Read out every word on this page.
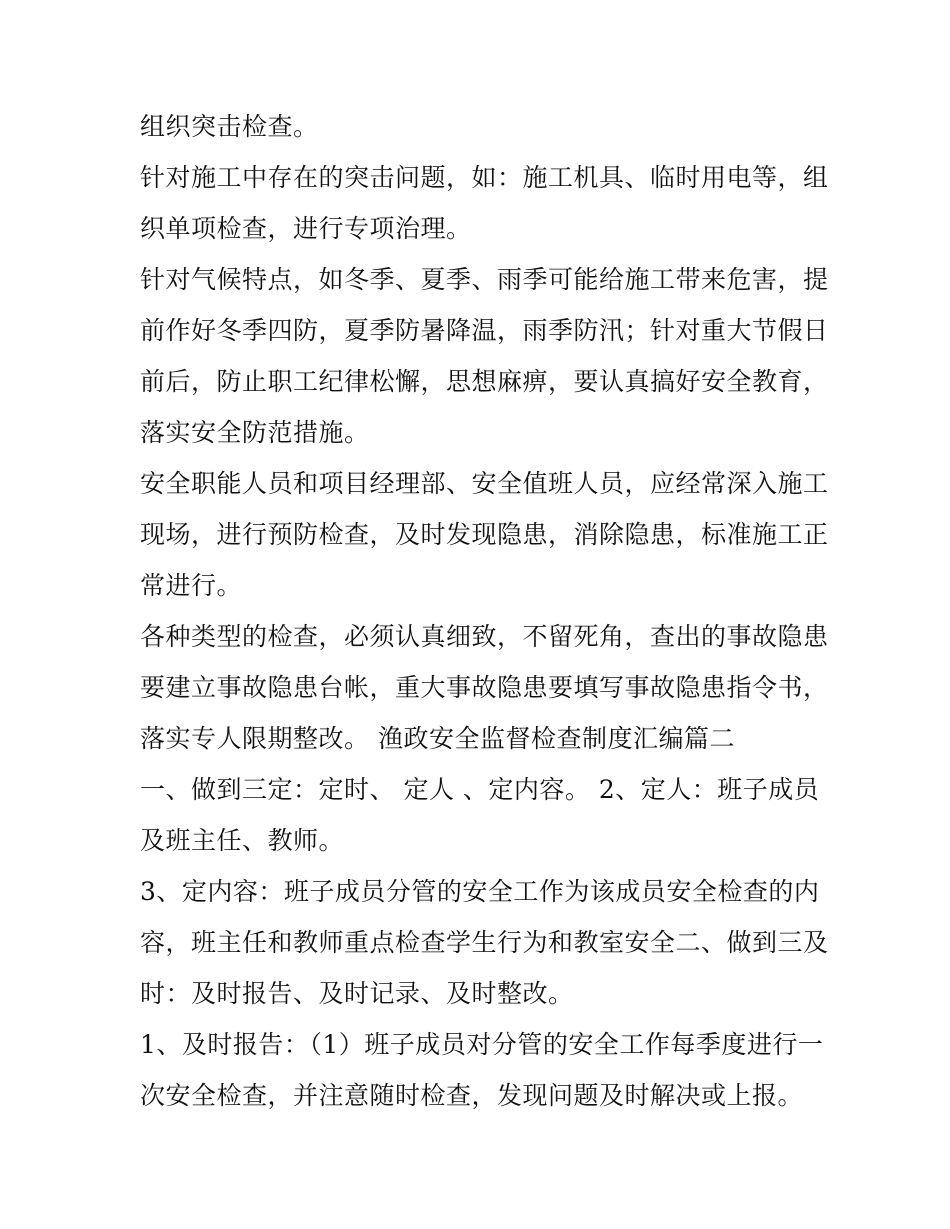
组织突击检查。
针对施工中存在的突击问题，如：施工机具、临时用电等，组
织单项检查，进行专项治理。
针对气候特点，如冬季、夏季、雨季可能给施工带来危害，提
前作好冬季四防，夏季防暑降温，雨季防汛；针对重大节假日
前后，防止职工纪律松懈，思想麻痹，要认真搞好安全教育，
落实安全防范措施。
安全职能人员和项目经理部、安全值班人员，应经常深入施工
现场，进行预防检查，及时发现隐患，消除隐患，标准施工正
常进行。
各种类型的检查，必须认真细致，不留死角，查出的事故隐患
要建立事故隐患台帐，重大事故隐患要填写事故隐患指令书，
落实专人限期整改。 渔政安全监督检查制度汇编篇二
一、做到三定：定时、 定人 、定内容。 2、定人：班子成员
及班主任、教师。
3、定内容：班子成员分管的安全工作为该成员安全检查的内
容，班主任和教师重点检查学生行为和教室安全二、做到三及
时：及时报告、及时记录、及时整改。
1、及时报告：（1）班子成员对分管的安全工作每季度进行一
次安全检查，并注意随时检查，发现问题及时解决或上报。
